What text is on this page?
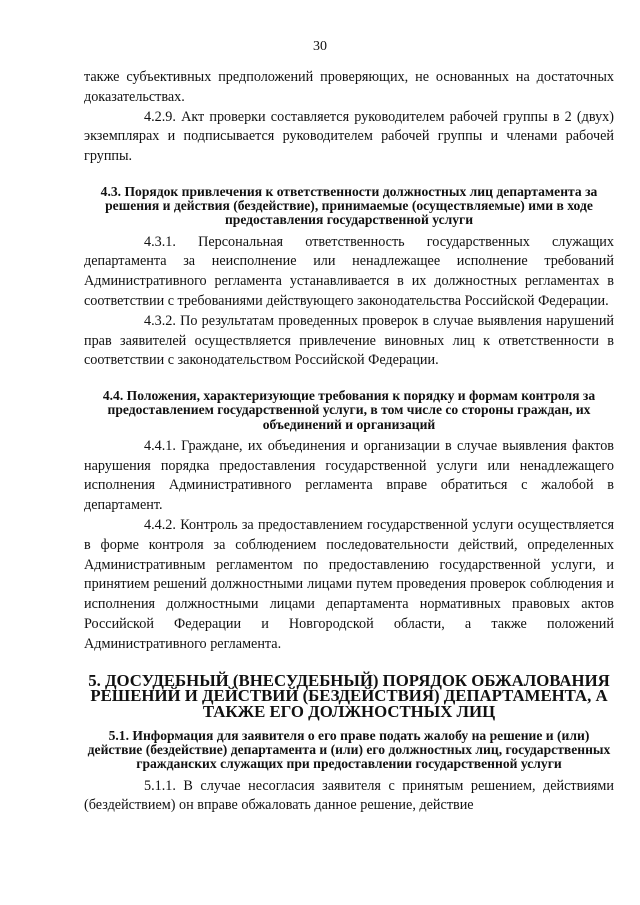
30

также субъективных предположений проверяющих, не основанных на достаточных доказательствах.

4.2.9. Акт проверки составляется руководителем рабочей группы в 2 (двух) экземплярах и подписывается руководителем рабочей группы и членами рабочей группы.

4.3. Порядок привлечения к ответственности должностных лиц департамента за решения и действия (бездействие), принимаемые (осуществляемые) ими в ходе предоставления государственной услуги

4.3.1. Персональная ответственность государственных служащих департамента за неисполнение или ненадлежащее исполнение требований Административного регламента устанавливается в их должностных регламентах в соответствии с требованиями действующего законодательства Российской Федерации.

4.3.2. По результатам проведенных проверок в случае выявления нарушений прав заявителей осуществляется привлечение виновных лиц к ответственности в соответствии с законодательством Российской Федерации.

4.4. Положения, характеризующие требования к порядку и формам контроля за предоставлением государственной услуги, в том числе со стороны граждан, их объединений и организаций

4.4.1. Граждане, их объединения и организации в случае выявления фактов нарушения порядка предоставления государственной услуги или ненадлежащего исполнения Административного регламента вправе обратиться с жалобой в департамент.

4.4.2. Контроль за предоставлением государственной услуги осуществляется в форме контроля за соблюдением последовательности действий, определенных Административным регламентом по предоставлению государственной услуги, и принятием решений должностными лицами путем проведения проверок соблюдения и исполнения должностными лицами департамента нормативных правовых актов Российской Федерации и Новгородской области, а также положений Административного регламента.

5. ДОСУДЕБНЫЙ (ВНЕСУДЕБНЫЙ) ПОРЯДОК ОБЖАЛОВАНИЯ РЕШЕНИЙ И ДЕЙСТВИЙ (БЕЗДЕЙСТВИЯ) ДЕПАРТАМЕНТА, А ТАКЖЕ ЕГО ДОЛЖНОСТНЫХ ЛИЦ

5.1. Информация для заявителя о его праве подать жалобу на решение и (или) действие (бездействие) департамента и (или) его должностных лиц, государственных гражданских служащих при предоставлении государственной услуги

5.1.1. В случае несогласия заявителя с принятым решением, действиями (бездействием) он вправе обжаловать данное решение, действие
